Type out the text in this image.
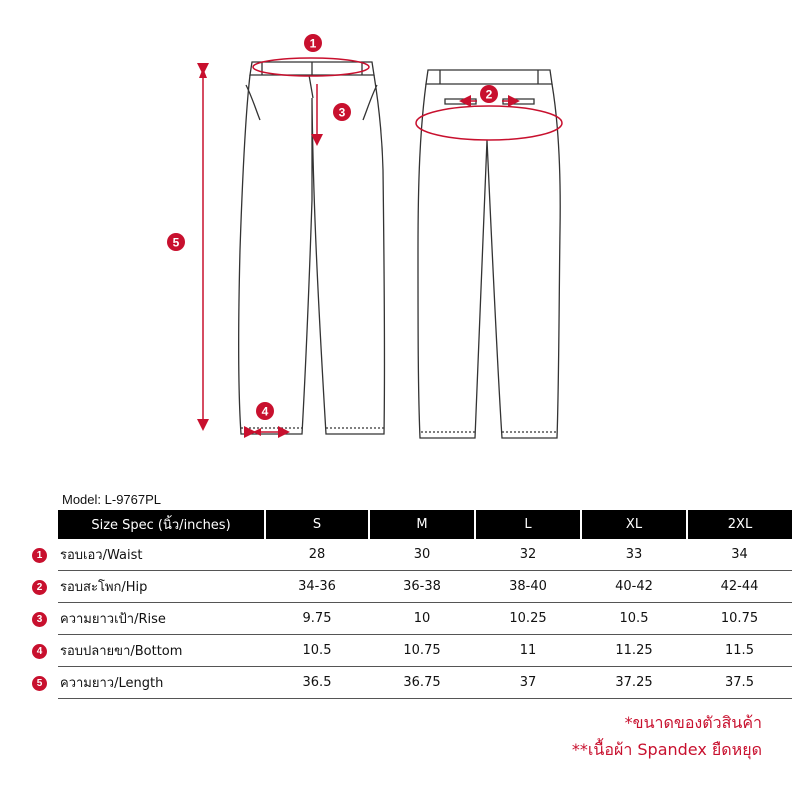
1
2
3
4
5
Model: L-9767PL
	Size Spec (นิ้ว/inches)	S	M	L	XL	2XL
1	รอบเอว/Waist	28	30	32	33	34
2	รอบสะโพก/Hip	34-36	36-38	38-40	40-42	42-44
3	ความยาวเป้า/Rise	9.75	10	10.25	10.5	10.75
4	รอบปลายขา/Bottom	10.5	10.75	11	11.25	11.5
5	ความยาว/Length	36.5	36.75	37	37.25	37.5
*ขนาดของตัวสินค้า
**เนื้อผ้า Spandex ยืดหยุด
